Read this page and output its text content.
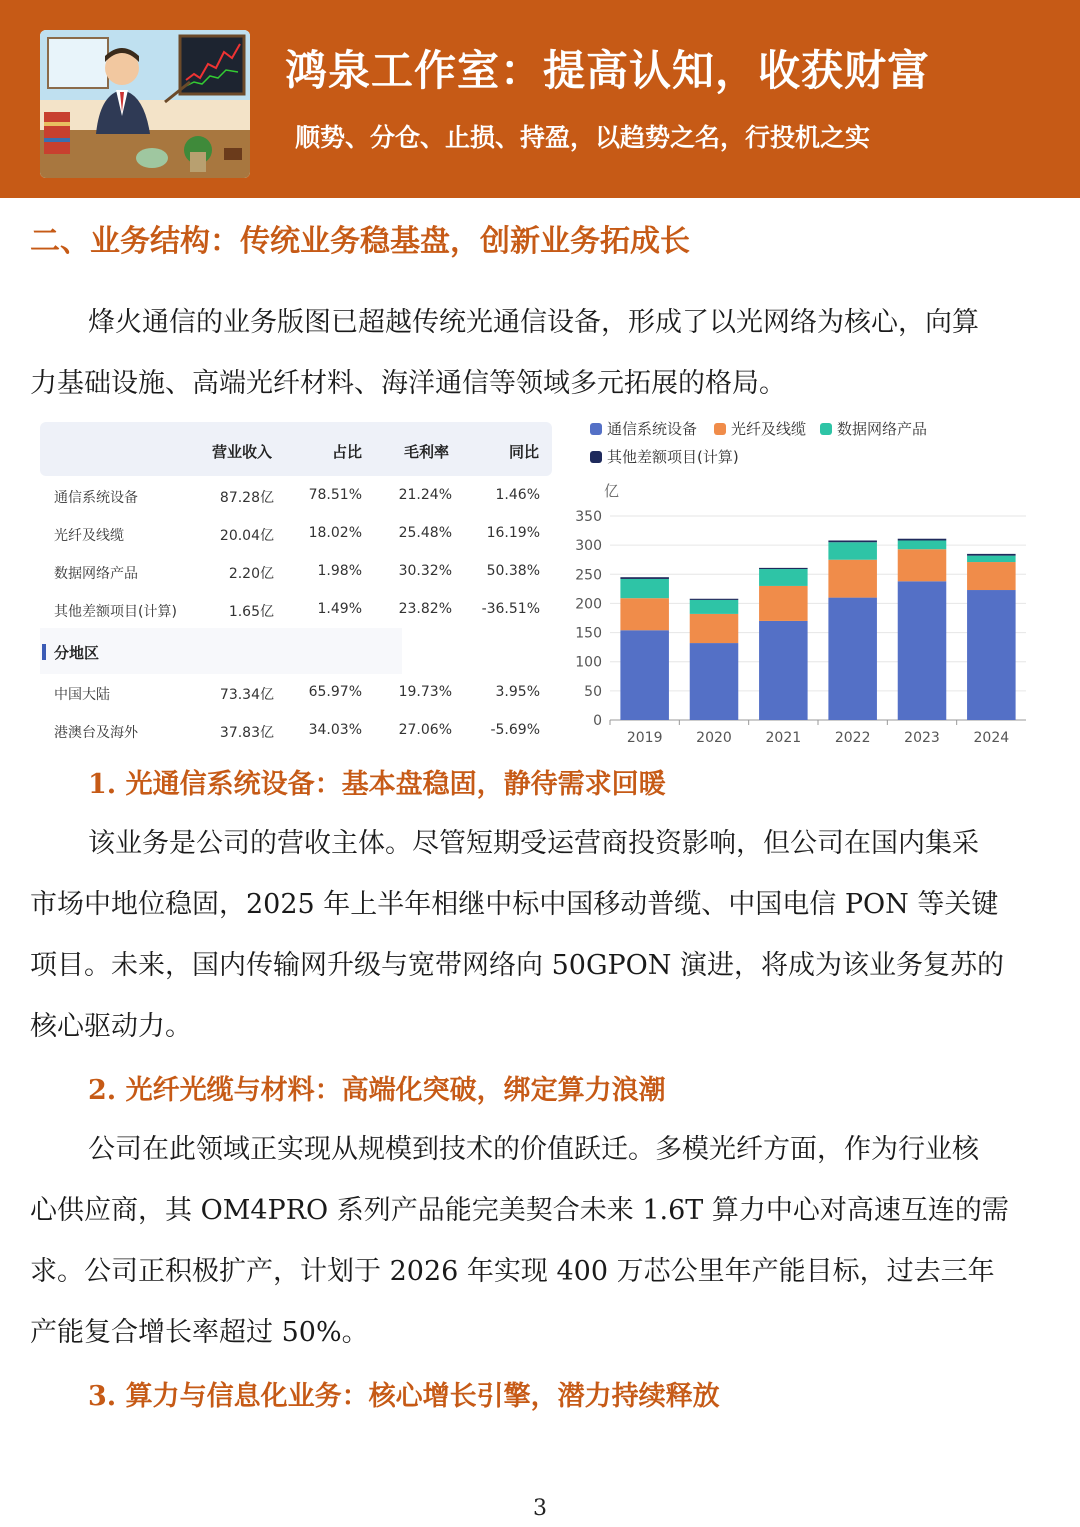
鸿泉工作室：提高认知，收获财富
顺势、分仓、止损、持盈，以趋势之名，行投机之实
二、业务结构：传统业务稳基盘，创新业务拓成长
烽火通信的业务版图已超越传统光通信设备，形成了以光网络为核心，向算
力基础设施、高端光纤材料、海洋通信等领域多元拓展的格局。
营业收入	占比	毛利率	同比
通信系统设备	87.28亿 78.51%	21.24%	1.46%
光纤及线缆	20.04亿 18.02%	25.48% 16.19%
数据网络产品	2.20亿	1.98%	30.32% 50.38%
其他差额项目(计算)	1.65亿	1.49%	23.82% -36.51%
分地区
中国大陆	73.34亿 65.97%	19.73%	3.95%
港澳台及海外	37.83亿 34.03%	27.06%	-5.69%
通信系统设备	光纤及线缆	数据网络产品
其他差额项目(计算)
亿
0
50
100
150
200
250
300
350
2019 2020 2021 2022 2023 2024
1. 光通信系统设备：基本盘稳固，静待需求回暖
该业务是公司的营收主体。尽管短期受运营商投资影响，但公司在国内集采
市场中地位稳固，2025 年上半年相继中标中国移动普缆、中国电信 PON 等关键
项目。未来，国内传输网升级与宽带网络向 50GPON 演进，将成为该业务复苏的
核心驱动力。
2. 光纤光缆与材料：高端化突破，绑定算力浪潮
公司在此领域正实现从规模到技术的价值跃迁。多模光纤方面，作为行业核
心供应商，其 OM4PRO 系列产品能完美契合未来 1.6T 算力中心对高速互连的需
求。公司正积极扩产，计划于 2026 年实现 400 万芯公里年产能目标，过去三年
产能复合增长率超过 50%。
3. 算力与信息化业务：核心增长引擎，潜力持续释放
3
